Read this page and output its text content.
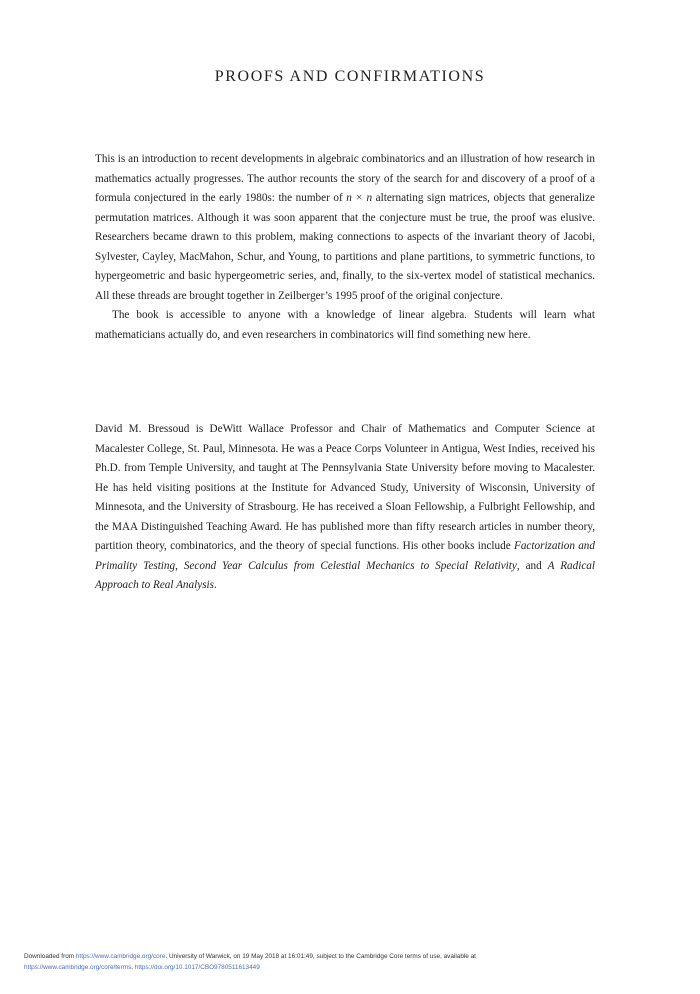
PROOFS AND CONFIRMATIONS

This is an introduction to recent developments in algebraic combinatorics and an illustration of how research in mathematics actually progresses. The author recounts the story of the search for and discovery of a proof of a formula conjectured in the early 1980s: the number of n × n alternating sign matrices, objects that generalize permutation matrices. Although it was soon apparent that the conjecture must be true, the proof was elusive. Researchers became drawn to this problem, making connections to aspects of the invariant theory of Jacobi, Sylvester, Cayley, MacMahon, Schur, and Young, to partitions and plane partitions, to symmetric functions, to hypergeometric and basic hypergeometric series, and, finally, to the six-vertex model of statistical mechanics. All these threads are brought together in Zeilberger’s 1995 proof of the original conjecture.

The book is accessible to anyone with a knowledge of linear algebra. Students will learn what mathematicians actually do, and even researchers in combinatorics will find something new here.

David M. Bressoud is DeWitt Wallace Professor and Chair of Mathematics and Computer Science at Macalester College, St. Paul, Minnesota. He was a Peace Corps Volunteer in Antigua, West Indies, received his Ph.D. from Temple University, and taught at The Pennsylvania State University before moving to Macalester. He has held visiting positions at the Institute for Advanced Study, University of Wisconsin, University of Minnesota, and the University of Strasbourg. He has received a Sloan Fellowship, a Fulbright Fellowship, and the MAA Distinguished Teaching Award. He has published more than fifty research articles in number theory, partition theory, combinatorics, and the theory of special functions. His other books include Factorization and Primality Testing, Second Year Calculus from Celestial Mechanics to Special Relativity, and A Radical Approach to Real Analysis.

Downloaded from https://www.cambridge.org/core. University of Warwick, on 19 May 2018 at 16:01:49, subject to the Cambridge Core terms of use, available at
https://www.cambridge.org/core/terms. https://doi.org/10.1017/CBO9780511613449
